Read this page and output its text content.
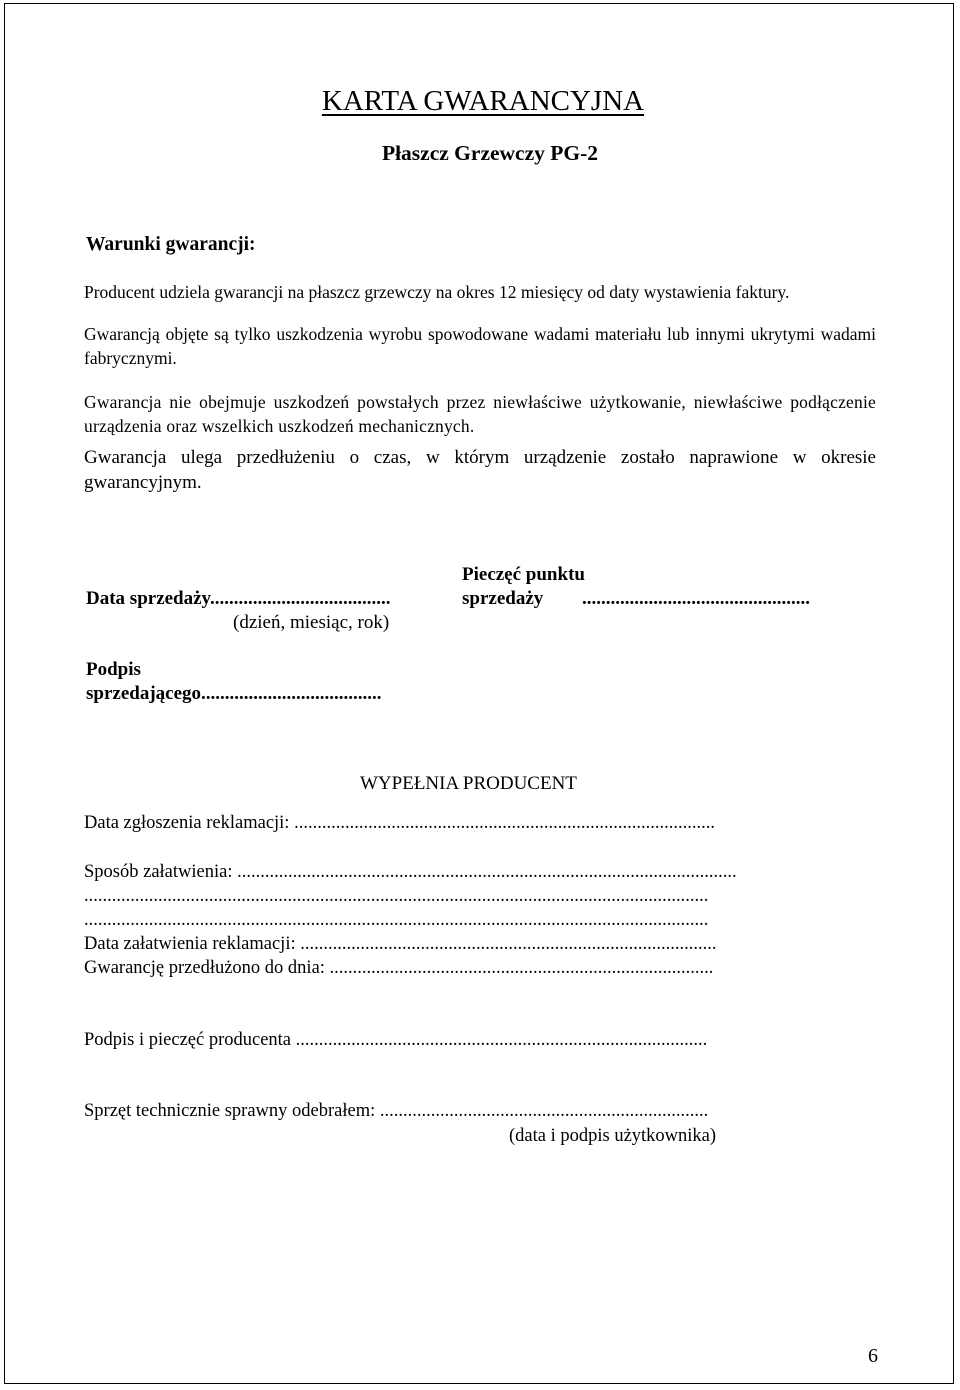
KARTA GWARANCYJNA
Płaszcz Grzewczy PG-2
Warunki gwarancji:
Producent udziela gwarancji na płaszcz grzewczy na okres 12 miesięcy od daty wystawienia faktury.
Gwarancją objęte są tylko uszkodzenia wyrobu spowodowane wadami materiału lub innymi ukrytymi wadami fabrycznymi.
Gwarancja nie obejmuje uszkodzeń powstałych przez niewłaściwe użytkowanie, niewłaściwe podłączenie urządzenia oraz wszelkich uszkodzeń mechanicznych.
Gwarancja ulega przedłużeniu o czas, w którym urządzenie zostało naprawione w okresie gwarancyjnym.
Data sprzedaży......................................
(dzień, miesiąc, rok)
Pieczęć punktu
sprzedaży ................................................
Podpis
sprzedającego......................................
WYPEŁNIA PRODUCENT
Data zgłoszenia reklamacji: ...........................................................................................
Sposób załatwienia: ............................................................................................................
.......................................................................................................................................
.......................................................................................................................................
Data załatwienia reklamacji: ..........................................................................................
Gwarancję przedłużono do dnia: ...................................................................................
Podpis i pieczęć producenta .........................................................................................
Sprzęt technicznie sprawny odebrałem: .......................................................................
(data i podpis użytkownika)
6
